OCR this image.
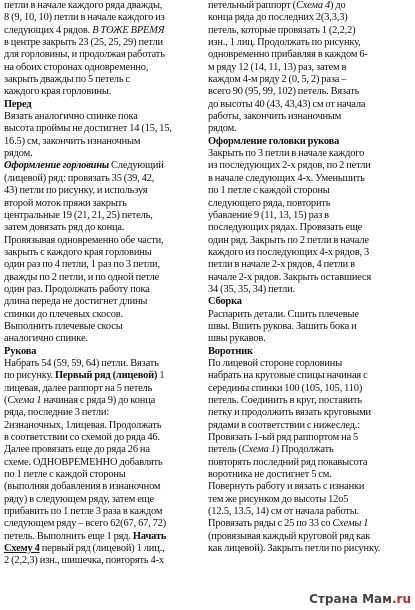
петли в начале каждого ряда дважды,
8 (9, 10, 10) петли в начале каждого из
следующих 4 рядов. В ТОЖЕ ВРЕМЯ
в центре закрыть 23 (25, 25, 29) петли
для горловины, и продолжая работать
на обоих сторонах одновременно,
закрыть дважды по 5 петель с
каждого края горловины.
Перед
Вязать аналогично спинке пока
высота проймы не достигнет 14 (15, 15,
16.5) см, закончить изнаночным
рядом.
Оформление горловины Следующий
(лицевой) ряд: провязать 35 (39, 42,
43) петли по рисунку, и используя
второй моток пряжи закрыть
центральные 19 (21, 21, 25) петель,
затем довязать ряд до конца.
Провязывая одновременно обе части,
закрыть с каждого края горловины
один раз по 4 петли, 1 раз по 3 петли,
дважды по 2 петли, и по одной петле
один раз. Продолжать работу пока
длина переда не достигнет длины
спинки до плечевых скосов.
Выполнить плечевые скосы
аналогично спинке.
Рукова
Набрать 54 (59, 59, 64) петли. Вязать
по рисунку. Первый ряд (лицевой) 1
лицевая, далее раппорт на 5 петель
(Схема 1 начиная с ряда 9) до конца
ряда, последние 3 петли:
2изнаночных, 1лицевая. Продолжать
в соответствии со схемой до ряда 46.
Далее провязать еще до ряда 26 на
схеме. ОДНОВРЕМЕННО добавлять
по 1 петле с каждой стороны
(выполняя добавления в изнаночном
ряду) в следующем ряду, затем еще
прибавить по 1 петле 3 раза в каждом
следующем ряду – всего 62(67, 67, 72)
петель. Выполнить еще 1 ряд. Начать
Схему 4 первый ряд (лицевой) 1 лиц.,
2 (2,2,3) изн., шишечка, повторять 4-х
петельный раппорт (Схема 4) до
конца ряда до последних 2(3,3,3)
петель, которые провязать 1 (2,2,2)
изн., 1 лиц. Продолжать по рисунку,
одновременно прибавляя в каждом 6-
м ряду 12 (14, 11, 13) раз, затем в
каждом 4-м ряду 2 (0, 5, 2) раза –
всего 90 (95, 99, 102) петель. Вязать
до высоты 40 (43, 43,43) см от начала
работы, закончить изнаночным
рядом.
Оформление головки рукова
Закрыть по 3 петли в начале каждого
из последующих 2-х рядов, по 2 петли
в начале следующих 4-х. Уменьшить
по 1 петле с каждой стороны
следующего ряда, повторить
убавление 9 (11, 13, 15) раз в
последующих рядах. Провязать еще
один ряд. Закрыть по 2 петли в начале
каждого из последующих 4-х рядов, 3
петли в начале 2-х рядов, 4 петли в
начале 2-х рядов. Закрыть оставшиеся
34 (35, 35, 34) петли.
Сборка
Распарить детали. Сшить плечевые
швы. Вшить рукова. Зашить бока и
швы рукавов.
Воротник
По лицевой стороне горловины
набрать на круговые спицы начиная с
середины спинки 100 (105, 105, 110)
петель. Соединить в круг, поставить
петку и продолжить вязать круговыми
рядами в соответствии с нижеслед.:
Провязать 1-ый ряд раппортом на 5
петель (Схема 1) Продолжать
повторять последний ряд покавысота
воротника не достигнет 5 см.
Повернуть работу и вязать с изнанки
тем же рисунком до высоты 12о5
(12.5, 13.5, 14) см от начала работы.
Провязать ряды с 25 по 33 со Схемы 1
(провязывая каждый круговой ряд как
как лицевой). Закрыть петли по рисунку.
Страна Мам.ru
